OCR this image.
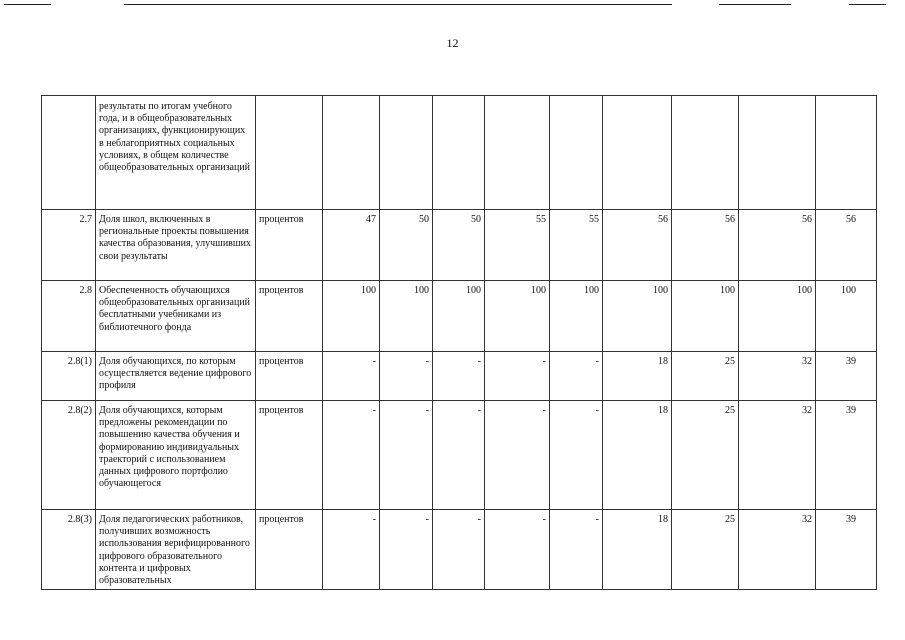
12
	результаты по итогам учебного года, и в общеобразовательных организациях, функционирующих в неблагоприятных социальных условиях, в общем количестве общеобразовательных организаций										
2.7	Доля школ, включенных в региональные проекты повышения качества образования, улучшивших свои результаты	процентов	47	50	50	55	55	56	56	56	56
2.8	Обеспеченность обучающихся общеобразовательных организаций бесплатными учебниками из библиотечного фонда	процентов	100	100	100	100	100	100	100	100	100
2.8(1)	Доля обучающихся, по которым осуществляется ведение цифрового профиля	процентов	-	-	-	-	-	18	25	32	39
2.8(2)	Доля обучающихся, которым предложены рекомендации по повышению качества обучения и формированию индивидуальных траекторий с использованием данных цифрового портфолио обучающегося	процентов	-	-	-	-	-	18	25	32	39
2.8(3)	Доля педагогических работников, получивших возможность использования верифицированного цифрового образовательного контента и цифровых образовательных	процентов	-	-	-	-	-	18	25	32	39
